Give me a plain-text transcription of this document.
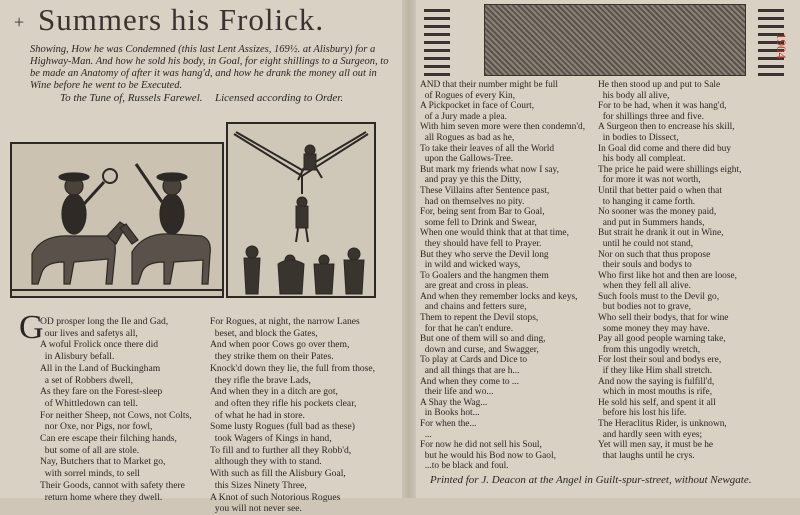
+ Summers his Frolick.
Showing, How he was Condemned (this last Lent Assizes, 169½. at Alisbury) for a Highway-Man. And how he sold his body, in Goal, for eight shillings to a Surgeon, to be made an Anatomy of after it was hang'd, and how he drank the money all out in Wine before he went to be Executed.
To the Tune of, Russels Farewel. Licensed according to Order.
G
OD prosper long the Ile and Gad,
our lives and safetys all,
A woful Frolick once there did
in Alisbury befall.
All in the Land of Buckingham
a set of Robbers dwell,
As they fare on the Forest-sleep
of Whittledown can tell.
For neither Sheep, not Cows, not Colts,
nor Oxe, nor Pigs, nor fowl,
Can ere escape their filching hands,
but some of all are stole.
Nay, Butchers that to Market go,
with sorrel minds, to sell
Their Goods, cannot with safety there
return home where they dwell.
For Rogues, at night, the narrow Lanes
beset, and block the Gates,
And when poor Cows go over them,
they strike them on their Pates.
Knock'd down they lie, the full from those,
they rifle the brave Lads,
And when they in a ditch are got,
and often they rifle his pockets clear,
of what he had in store.
Some lusty Rogues (full bad as these)
took Wagers of Kings in hand,
To fill and to further all they Robb'd,
although they with to stand.
With such as fill the Alisbury Goal,
this Sizes Ninety Three,
A Knot of such Notorious Rogues
you will not never see.
1904
AND that their number might be full
of Rogues of every Kin,
A Pickpocket in face of Court,
of a Jury made a plea.
With him seven more were then condemn'd,
all Rogues as bad as he,
To take their leaves of all the World
upon the Gallows-Tree.
But mark my friends what now I say,
and pray ye this the Ditty,
These Villains after Sentence past,
had on themselves no pity.
For, being sent from Bar to Goal,
some fell to Drink and Swear,
When one would think that at that time,
they should have fell to Prayer.
But they who serve the Devil long
in wild and wicked ways,
To Goalers and the hangmen them
are great and cross in pleas.
And when they remember locks and keys,
and chains and fetters sure,
Them to repent the Devil stops,
for that he can't endure.
But one of them will so and ding,
down and curse, and Swagger,
To play at Cards and Dice to
and all things that are h...
And when they come to ...
their life and wo...
A Shay the Wag...
in Books hot...
For when the...
...
For now he did not sell his Soul,
but he would his Bod now to Gaol,
...to be black and foul.
He then stood up and put to Sale
his body all alive,
For to be had, when it was hang'd,
for shillings three and five.
A Surgeon then to encrease his skill,
in bodies to Dissect,
In Goal did come and there did buy
his body all compleat.
The price he paid were shillings eight,
for more it was not worth,
Until that better paid o when that
to hanging it came forth.
No sooner was the money paid,
and put in Summers hands,
But strait he drank it out in Wine,
until he could not stand,
Nor on such that thus propose
their souls and bodys to
Who first like hot and then are loose,
when they fell all alive.
Such fools must to the Devil go,
but bodies not to grave,
Who sell their bodys, that for wine
some money they may have.
Pay all good people warning take,
from this ungodly wretch,
For lost their soul and bodys ere,
if they like Him shall stretch.
And now the saying is fulfill'd,
which in most mouths is rife,
He sold his self, and spent it all
before his lost his life.
The Heraclitus Rider, is unknown,
and hardly seen with eyes;
Yet will men say, it must be he
that laughs until he crys.
Printed for J. Deacon at the Angel in Guilt-spur-street, without Newgate.
